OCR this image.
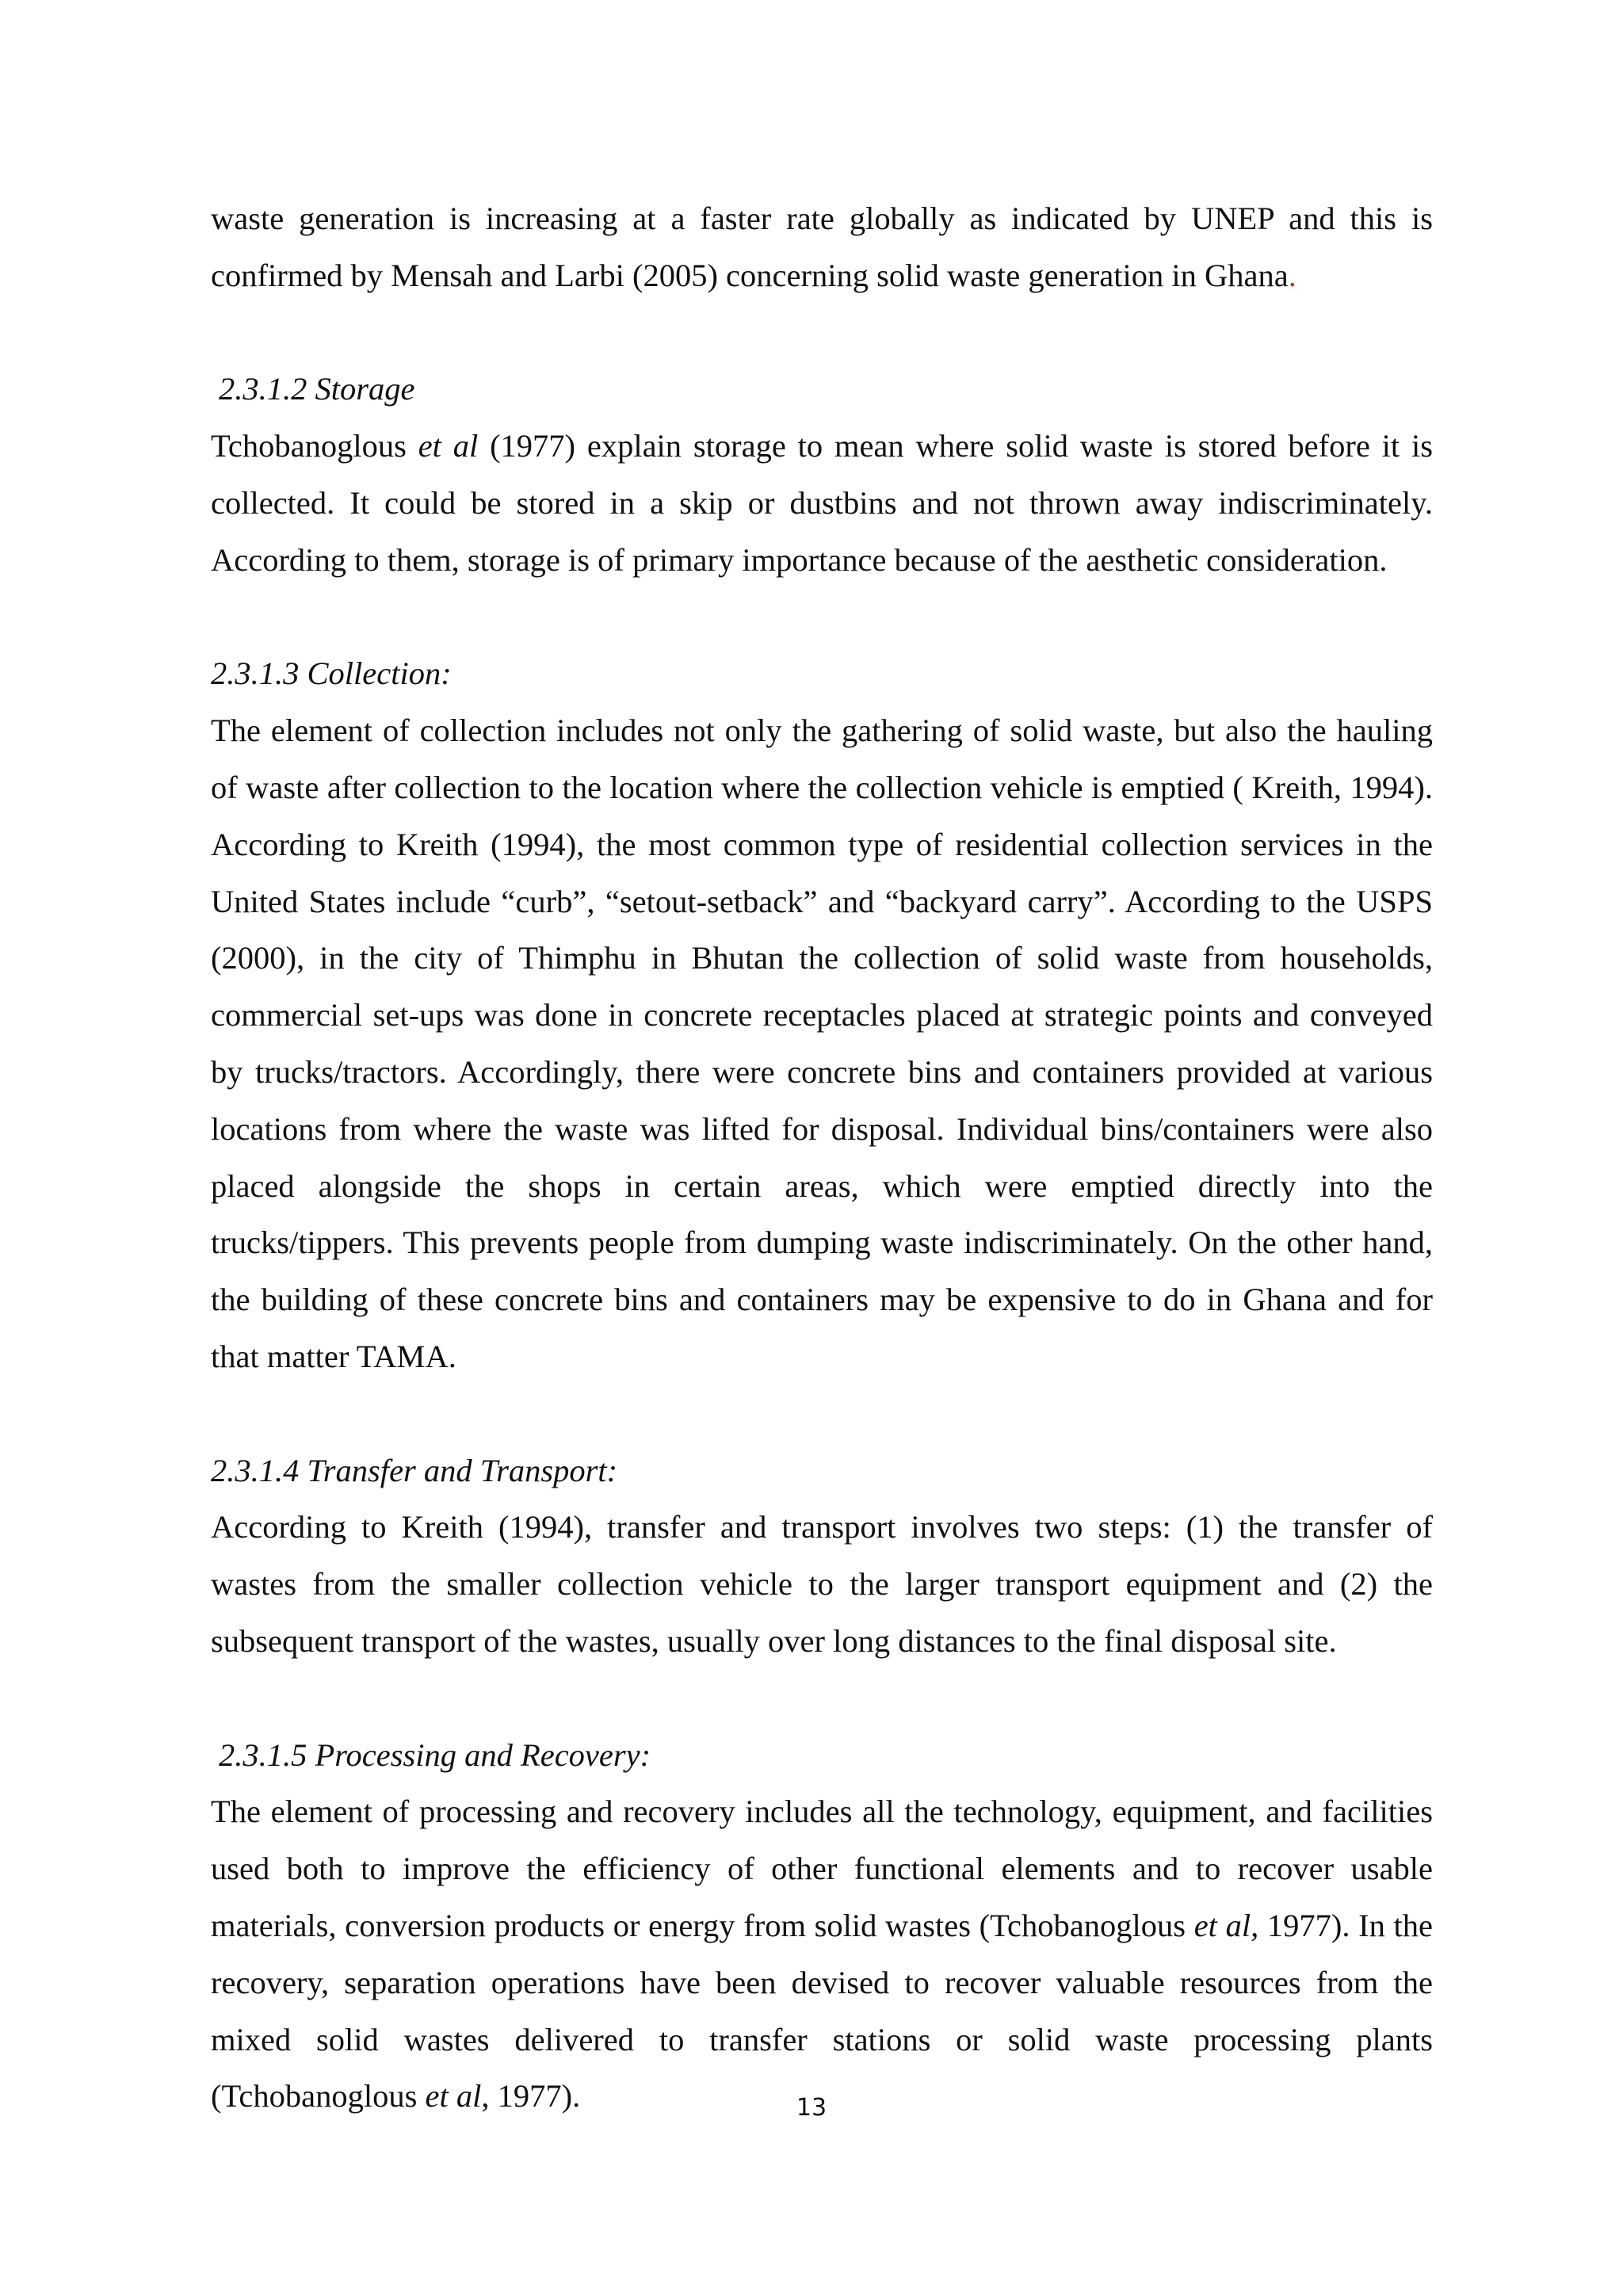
waste generation is increasing at a faster rate globally as indicated by UNEP and this is confirmed by Mensah and Larbi (2005) concerning solid waste generation in Ghana.

2.3.1.2 Storage

Tchobanoglous et al (1977) explain storage to mean where solid waste is stored before it is collected. It could be stored in a skip or dustbins and not thrown away indiscriminately. According to them, storage is of primary importance because of the aesthetic consideration.

2.3.1.3 Collection:

The element of collection includes not only the gathering of solid waste, but also the hauling of waste after collection to the location where the collection vehicle is emptied ( Kreith, 1994). According to Kreith (1994), the most common type of residential collection services in the United States include “curb”, “setout-setback” and “backyard carry”. According to the USPS (2000), in the city of Thimphu in Bhutan the collection of solid waste from households, commercial set-ups was done in concrete receptacles placed at strategic points and conveyed by trucks/tractors. Accordingly, there were concrete bins and containers provided at various locations from where the waste was lifted for disposal. Individual bins/containers were also placed alongside the shops in certain areas, which were emptied directly into the trucks/tippers. This prevents people from dumping waste indiscriminately. On the other hand, the building of these concrete bins and containers may be expensive to do in Ghana and for that matter TAMA.

2.3.1.4 Transfer and Transport:

According to Kreith (1994), transfer and transport involves two steps: (1) the transfer of wastes from the smaller collection vehicle to the larger transport equipment and (2) the subsequent transport of the wastes, usually over long distances to the final disposal site.

2.3.1.5 Processing and Recovery:

The element of processing and recovery includes all the technology, equipment, and facilities used both to improve the efficiency of other functional elements and to recover usable materials, conversion products or energy from solid wastes (Tchobanoglous et al, 1977). In the recovery, separation operations have been devised to recover valuable resources from the mixed solid wastes delivered to transfer stations or solid waste processing plants (Tchobanoglous et al, 1977).	13
